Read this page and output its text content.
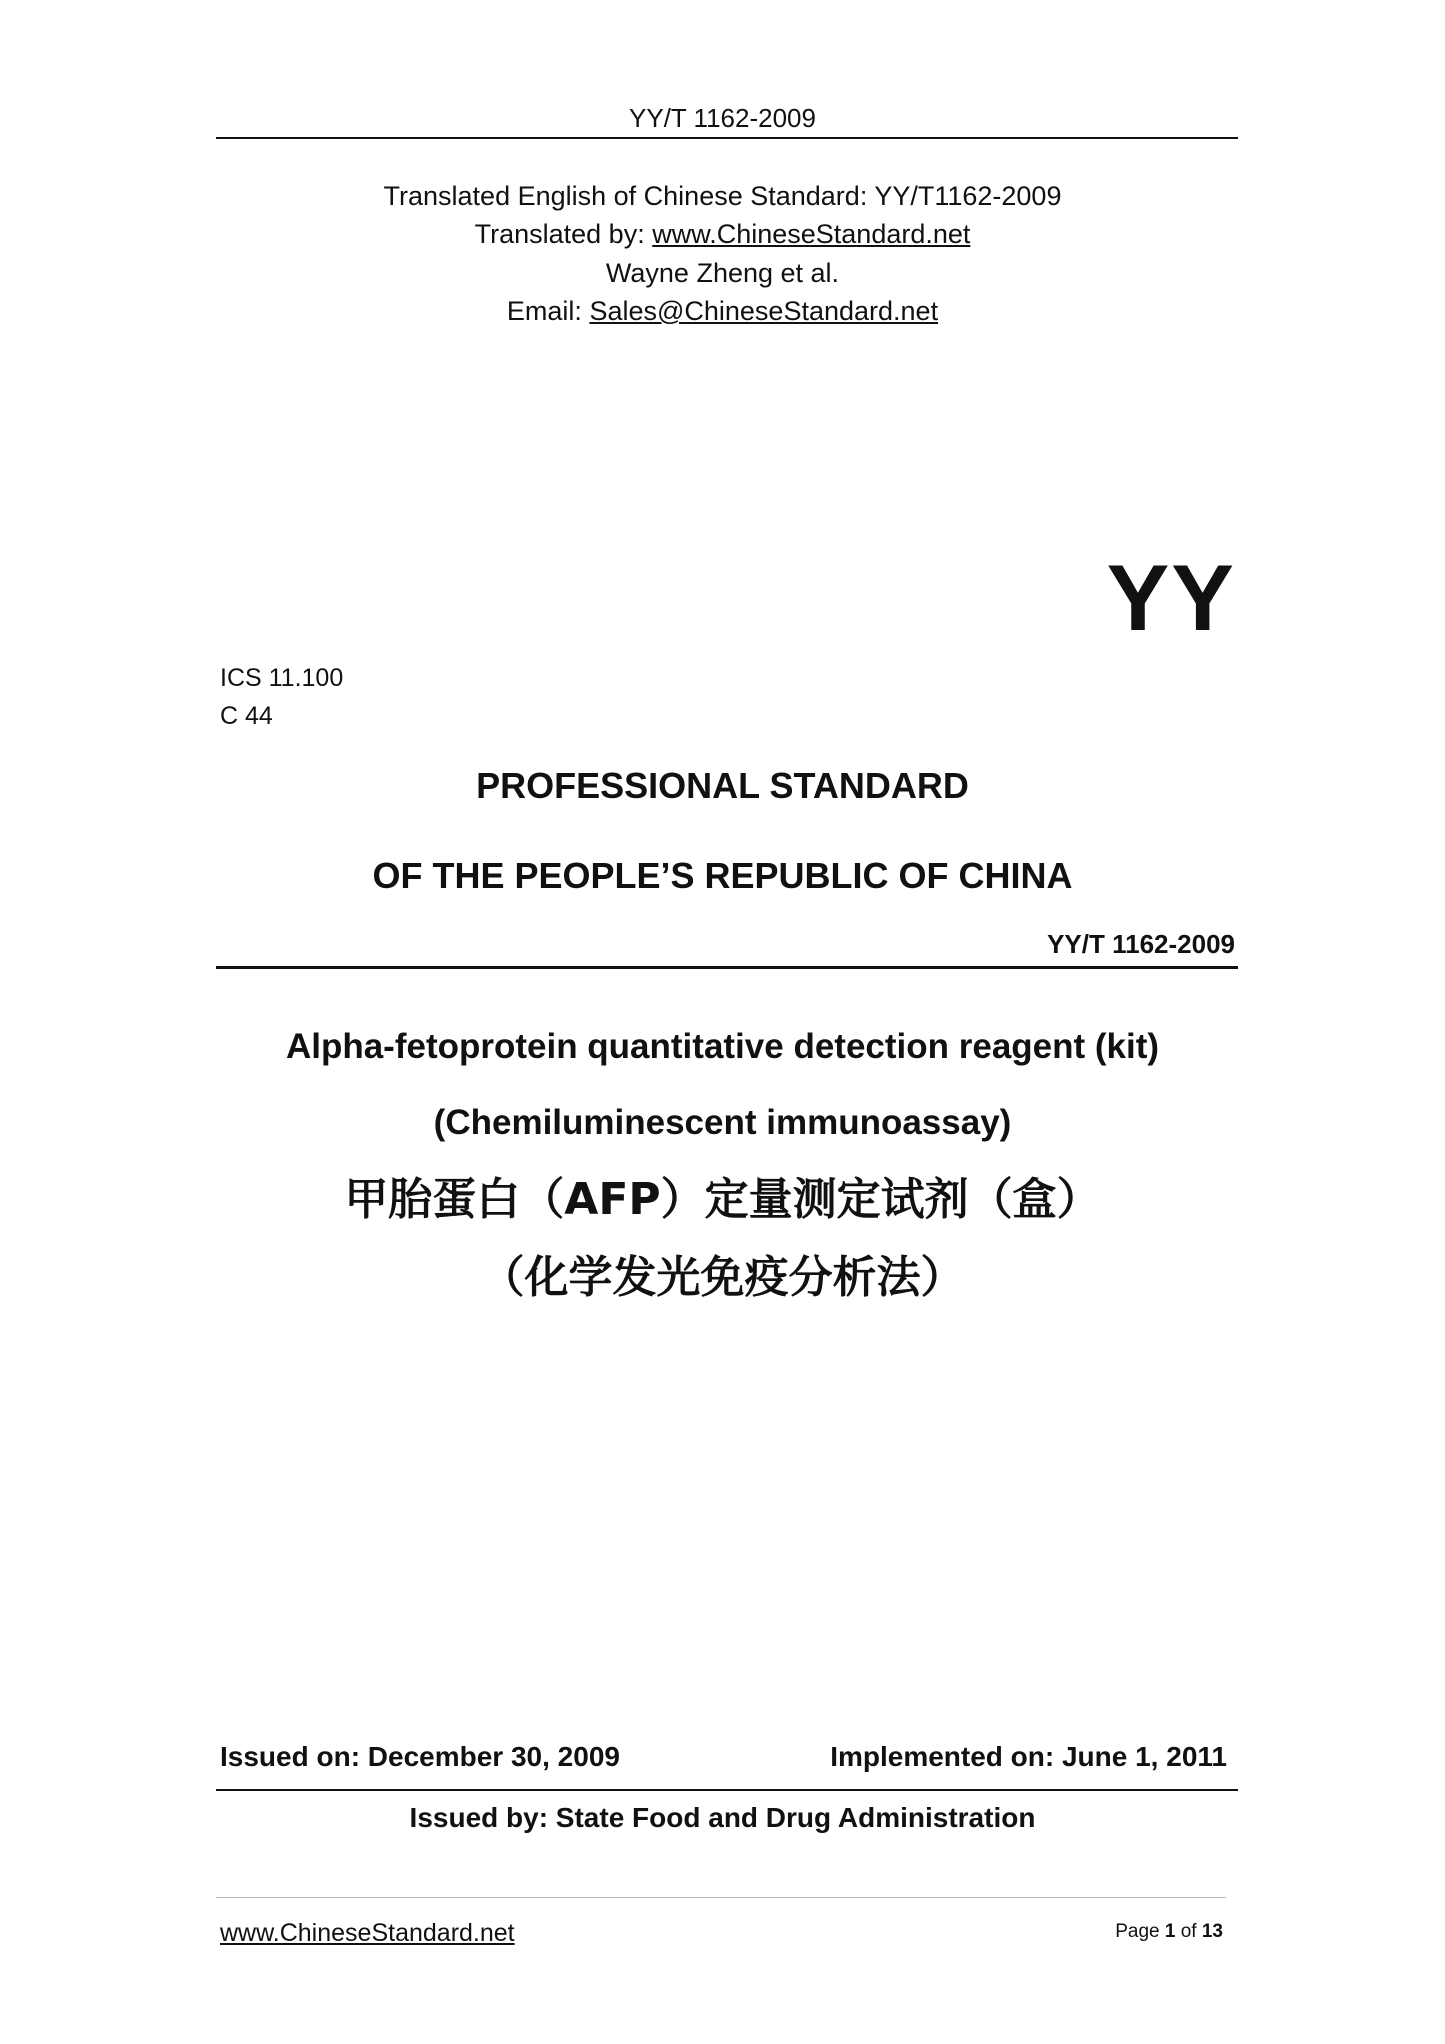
YY/T 1162-2009
Translated English of Chinese Standard: YY/T1162-2009
Translated by: www.ChineseStandard.net
Wayne Zheng et al.
Email: Sales@ChineseStandard.net
YY
ICS 11.100
C 44
PROFESSIONAL STANDARD
OF THE PEOPLE’S REPUBLIC OF CHINA
YY/T 1162-2009
Alpha-fetoprotein quantitative detection reagent (kit)
(Chemiluminescent immunoassay)
甲胎蛋白（AFP）定量测定试剂（盒）
（化学发光免疫分析法）
Issued on: December 30, 2009	Implemented on: June 1, 2011
Issued by: State Food and Drug Administration
www.ChineseStandard.net	Page 1 of 13
